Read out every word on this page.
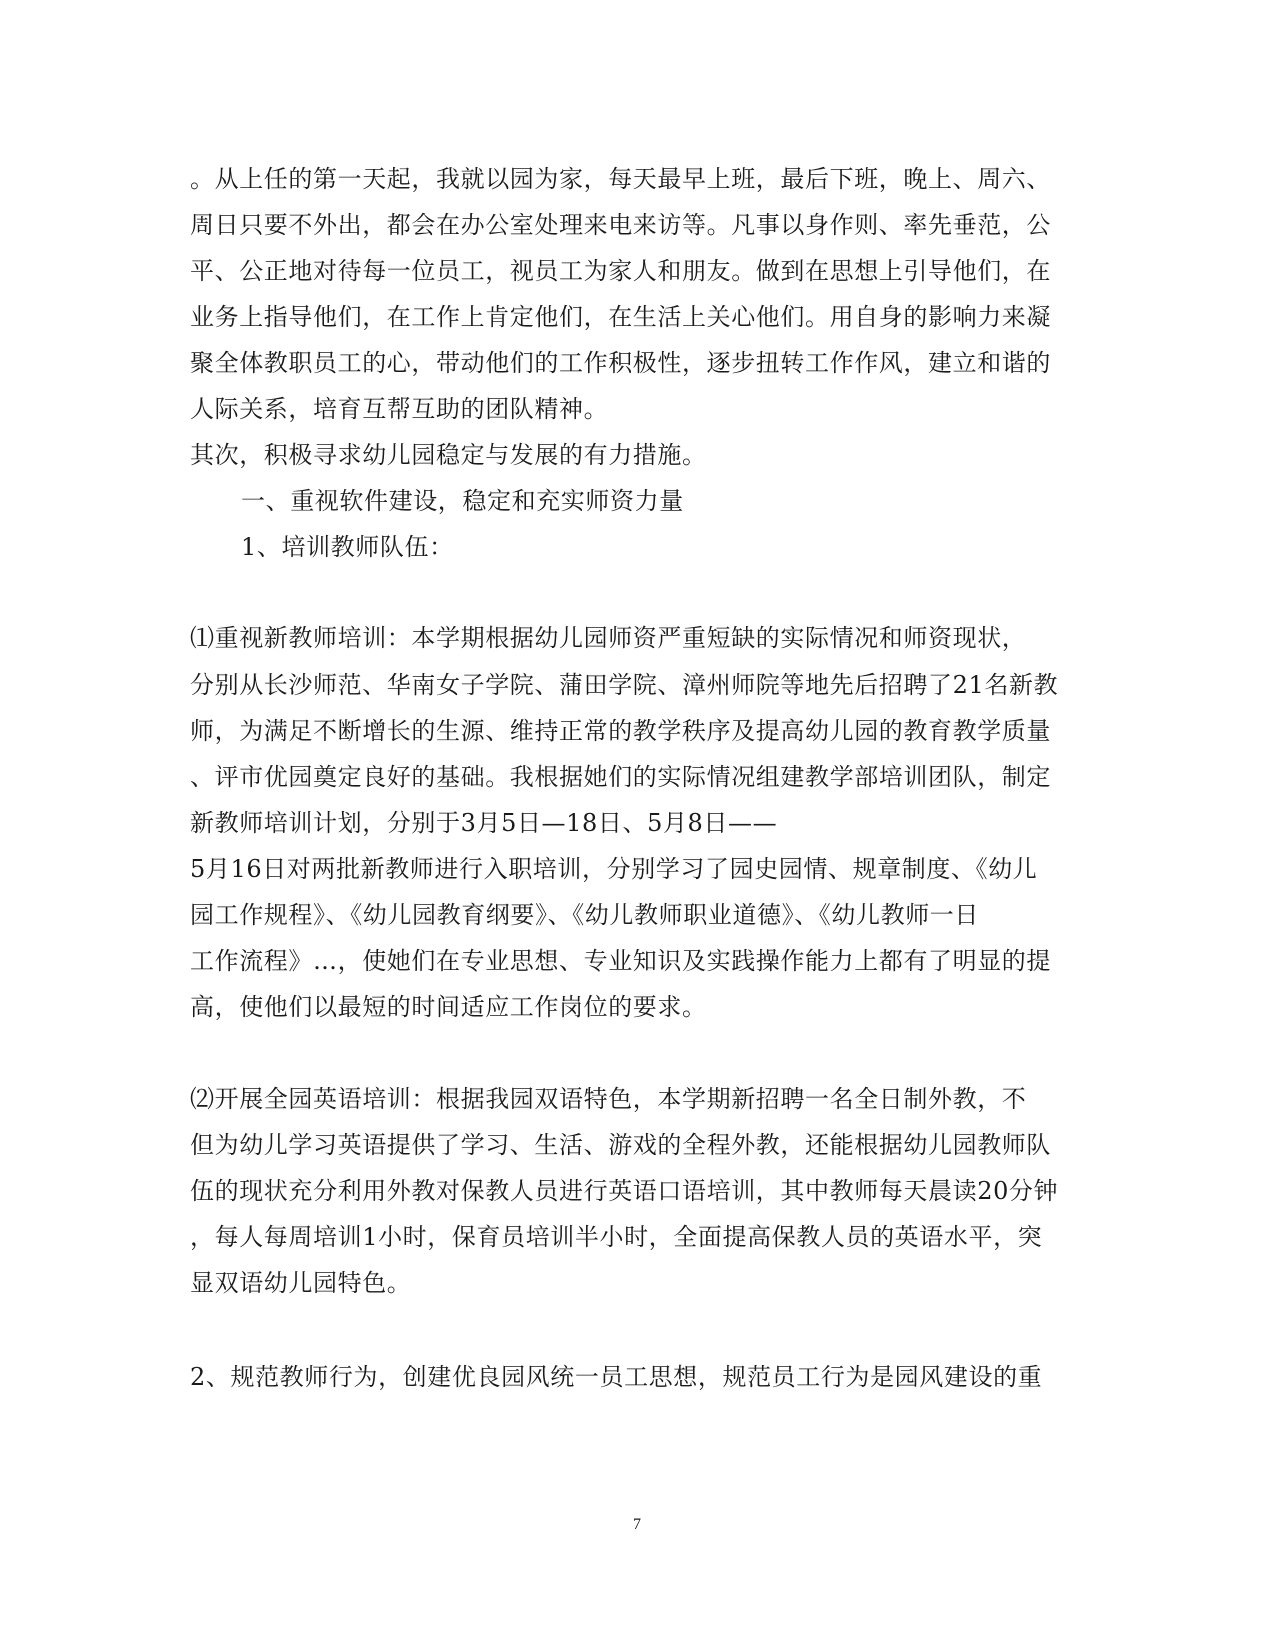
。从上任的第一天起，我就以园为家，每天最早上班，最后下班，晚上、周六、
周日只要不外出，都会在办公室处理来电来访等。凡事以身作则、率先垂范，公
平、公正地对待每一位员工，视员工为家人和朋友。做到在思想上引导他们，在
业务上指导他们，在工作上肯定他们，在生活上关心他们。用自身的影响力来凝
聚全体教职员工的心，带动他们的工作积极性，逐步扭转工作作风，建立和谐的
人际关系，培育互帮互助的团队精神。
其次，积极寻求幼儿园稳定与发展的有力措施。
一、重视软件建设，稳定和充实师资力量
1、培训教师队伍：
⑴重视新教师培训：本学期根据幼儿园师资严重短缺的实际情况和师资现状，
分别从长沙师范、华南女子学院、蒲田学院、漳州师院等地先后招聘了21名新教
师，为满足不断增长的生源、维持正常的教学秩序及提高幼儿园的教育教学质量
、评市优园奠定良好的基础。我根据她们的实际情况组建教学部培训团队，制定
新教师培训计划，分别于3月5日—18日、5月8日——
5月16日对两批新教师进行入职培训，分别学习了园史园情、规章制度、《幼儿
园工作规程》、《幼儿园教育纲要》、《幼儿教师职业道德》、《幼儿教师一日
工作流程》…，使她们在专业思想、专业知识及实践操作能力上都有了明显的提
高，使他们以最短的时间适应工作岗位的要求。
⑵开展全园英语培训：根据我园双语特色，本学期新招聘一名全日制外教，不
但为幼儿学习英语提供了学习、生活、游戏的全程外教，还能根据幼儿园教师队
伍的现状充分利用外教对保教人员进行英语口语培训，其中教师每天晨读20分钟
，每人每周培训1小时，保育员培训半小时，全面提高保教人员的英语水平，突
显双语幼儿园特色。
2、规范教师行为，创建优良园风统一员工思想，规范员工行为是园风建设的重
7
